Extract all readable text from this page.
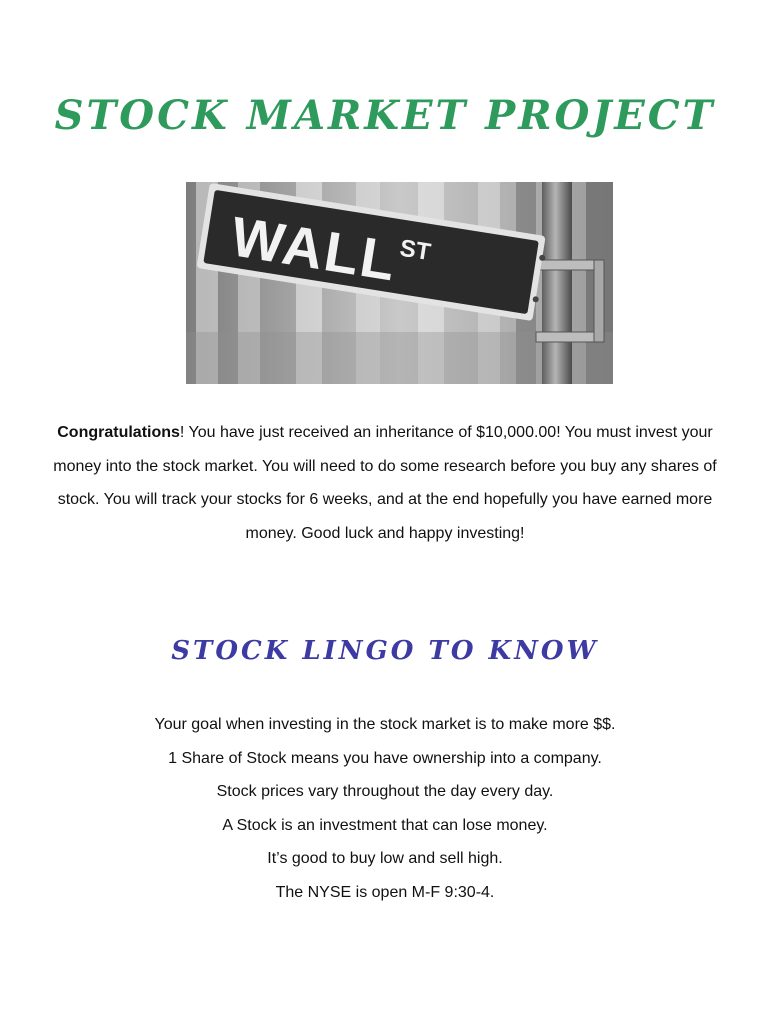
STOCK MARKET PROJECT
WALL
ST

Congratulations! You have just received an inheritance of $10,000.00! You must invest your money into the stock market. You will need to do some research before you buy any shares of stock. You will track your stocks for 6 weeks, and at the end hopefully you have earned more money. Good luck and happy investing!

STOCK LINGO TO KNOW
Your goal when investing in the stock market is to make more $$.
1 Share of Stock means you have ownership into a company.
Stock prices vary throughout the day every day.
A Stock is an investment that can lose money.
It’s good to buy low and sell high.
The NYSE is open M-F 9:30-4.
